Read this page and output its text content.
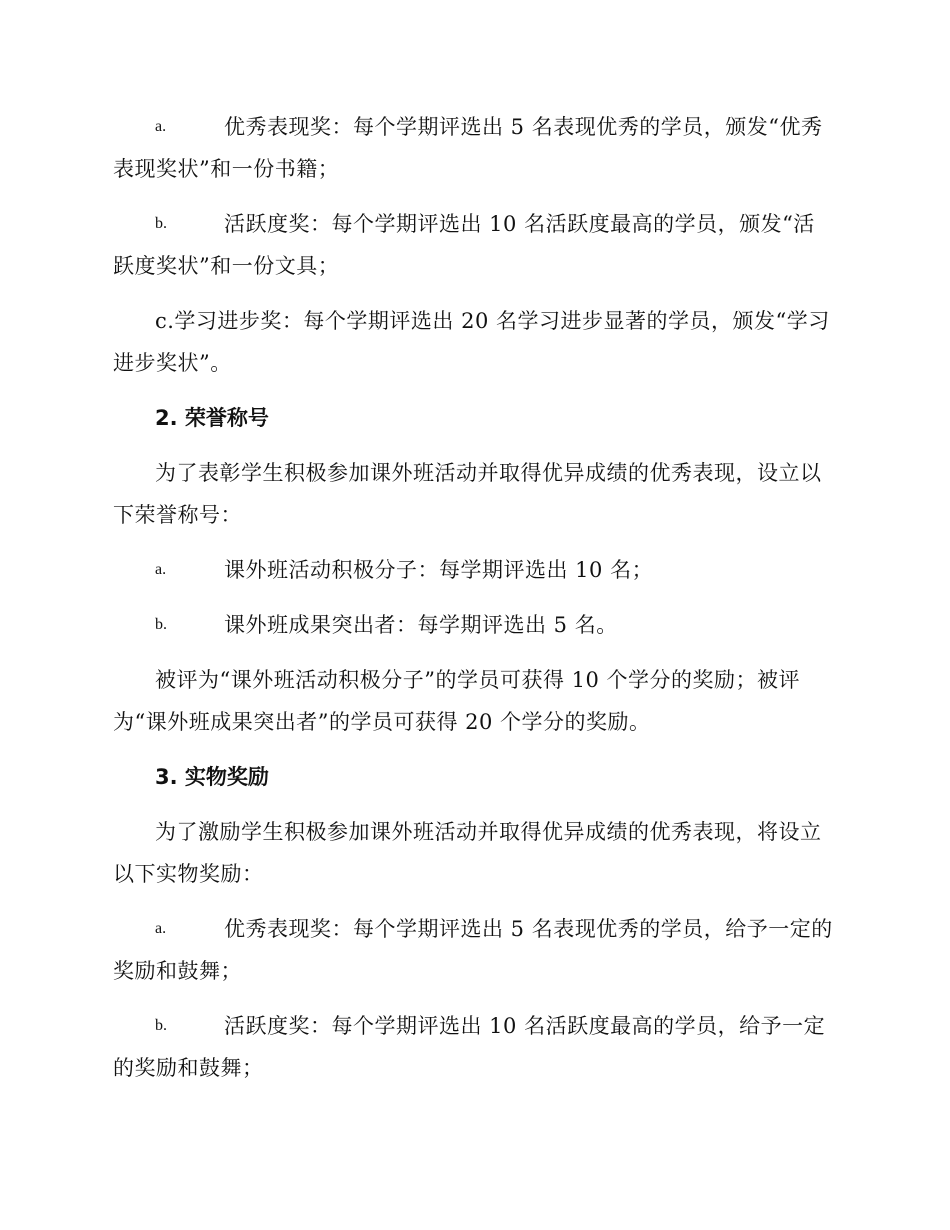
a.	优秀表现奖：每个学期评选出 5 名表现优秀的学员，颁发“优秀
表现奖状”和一份书籍；
b.	活跃度奖：每个学期评选出 10 名活跃度最高的学员，颁发“活
跃度奖状”和一份文具；
c.学习进步奖：每个学期评选出 20 名学习进步显著的学员，颁发“学习
进步奖状”。
2. 荣誉称号
为了表彰学生积极参加课外班活动并取得优异成绩的优秀表现，设立以
下荣誉称号：
a.	课外班活动积极分子：每学期评选出 10 名；
b.	课外班成果突出者：每学期评选出 5 名。
被评为“课外班活动积极分子”的学员可获得 10 个学分的奖励；被评
为“课外班成果突出者”的学员可获得 20 个学分的奖励。
3. 实物奖励
为了激励学生积极参加课外班活动并取得优异成绩的优秀表现，将设立
以下实物奖励：
a.	优秀表现奖：每个学期评选出 5 名表现优秀的学员，给予一定的
奖励和鼓舞；
b.	活跃度奖：每个学期评选出 10 名活跃度最高的学员，给予一定
的奖励和鼓舞；
